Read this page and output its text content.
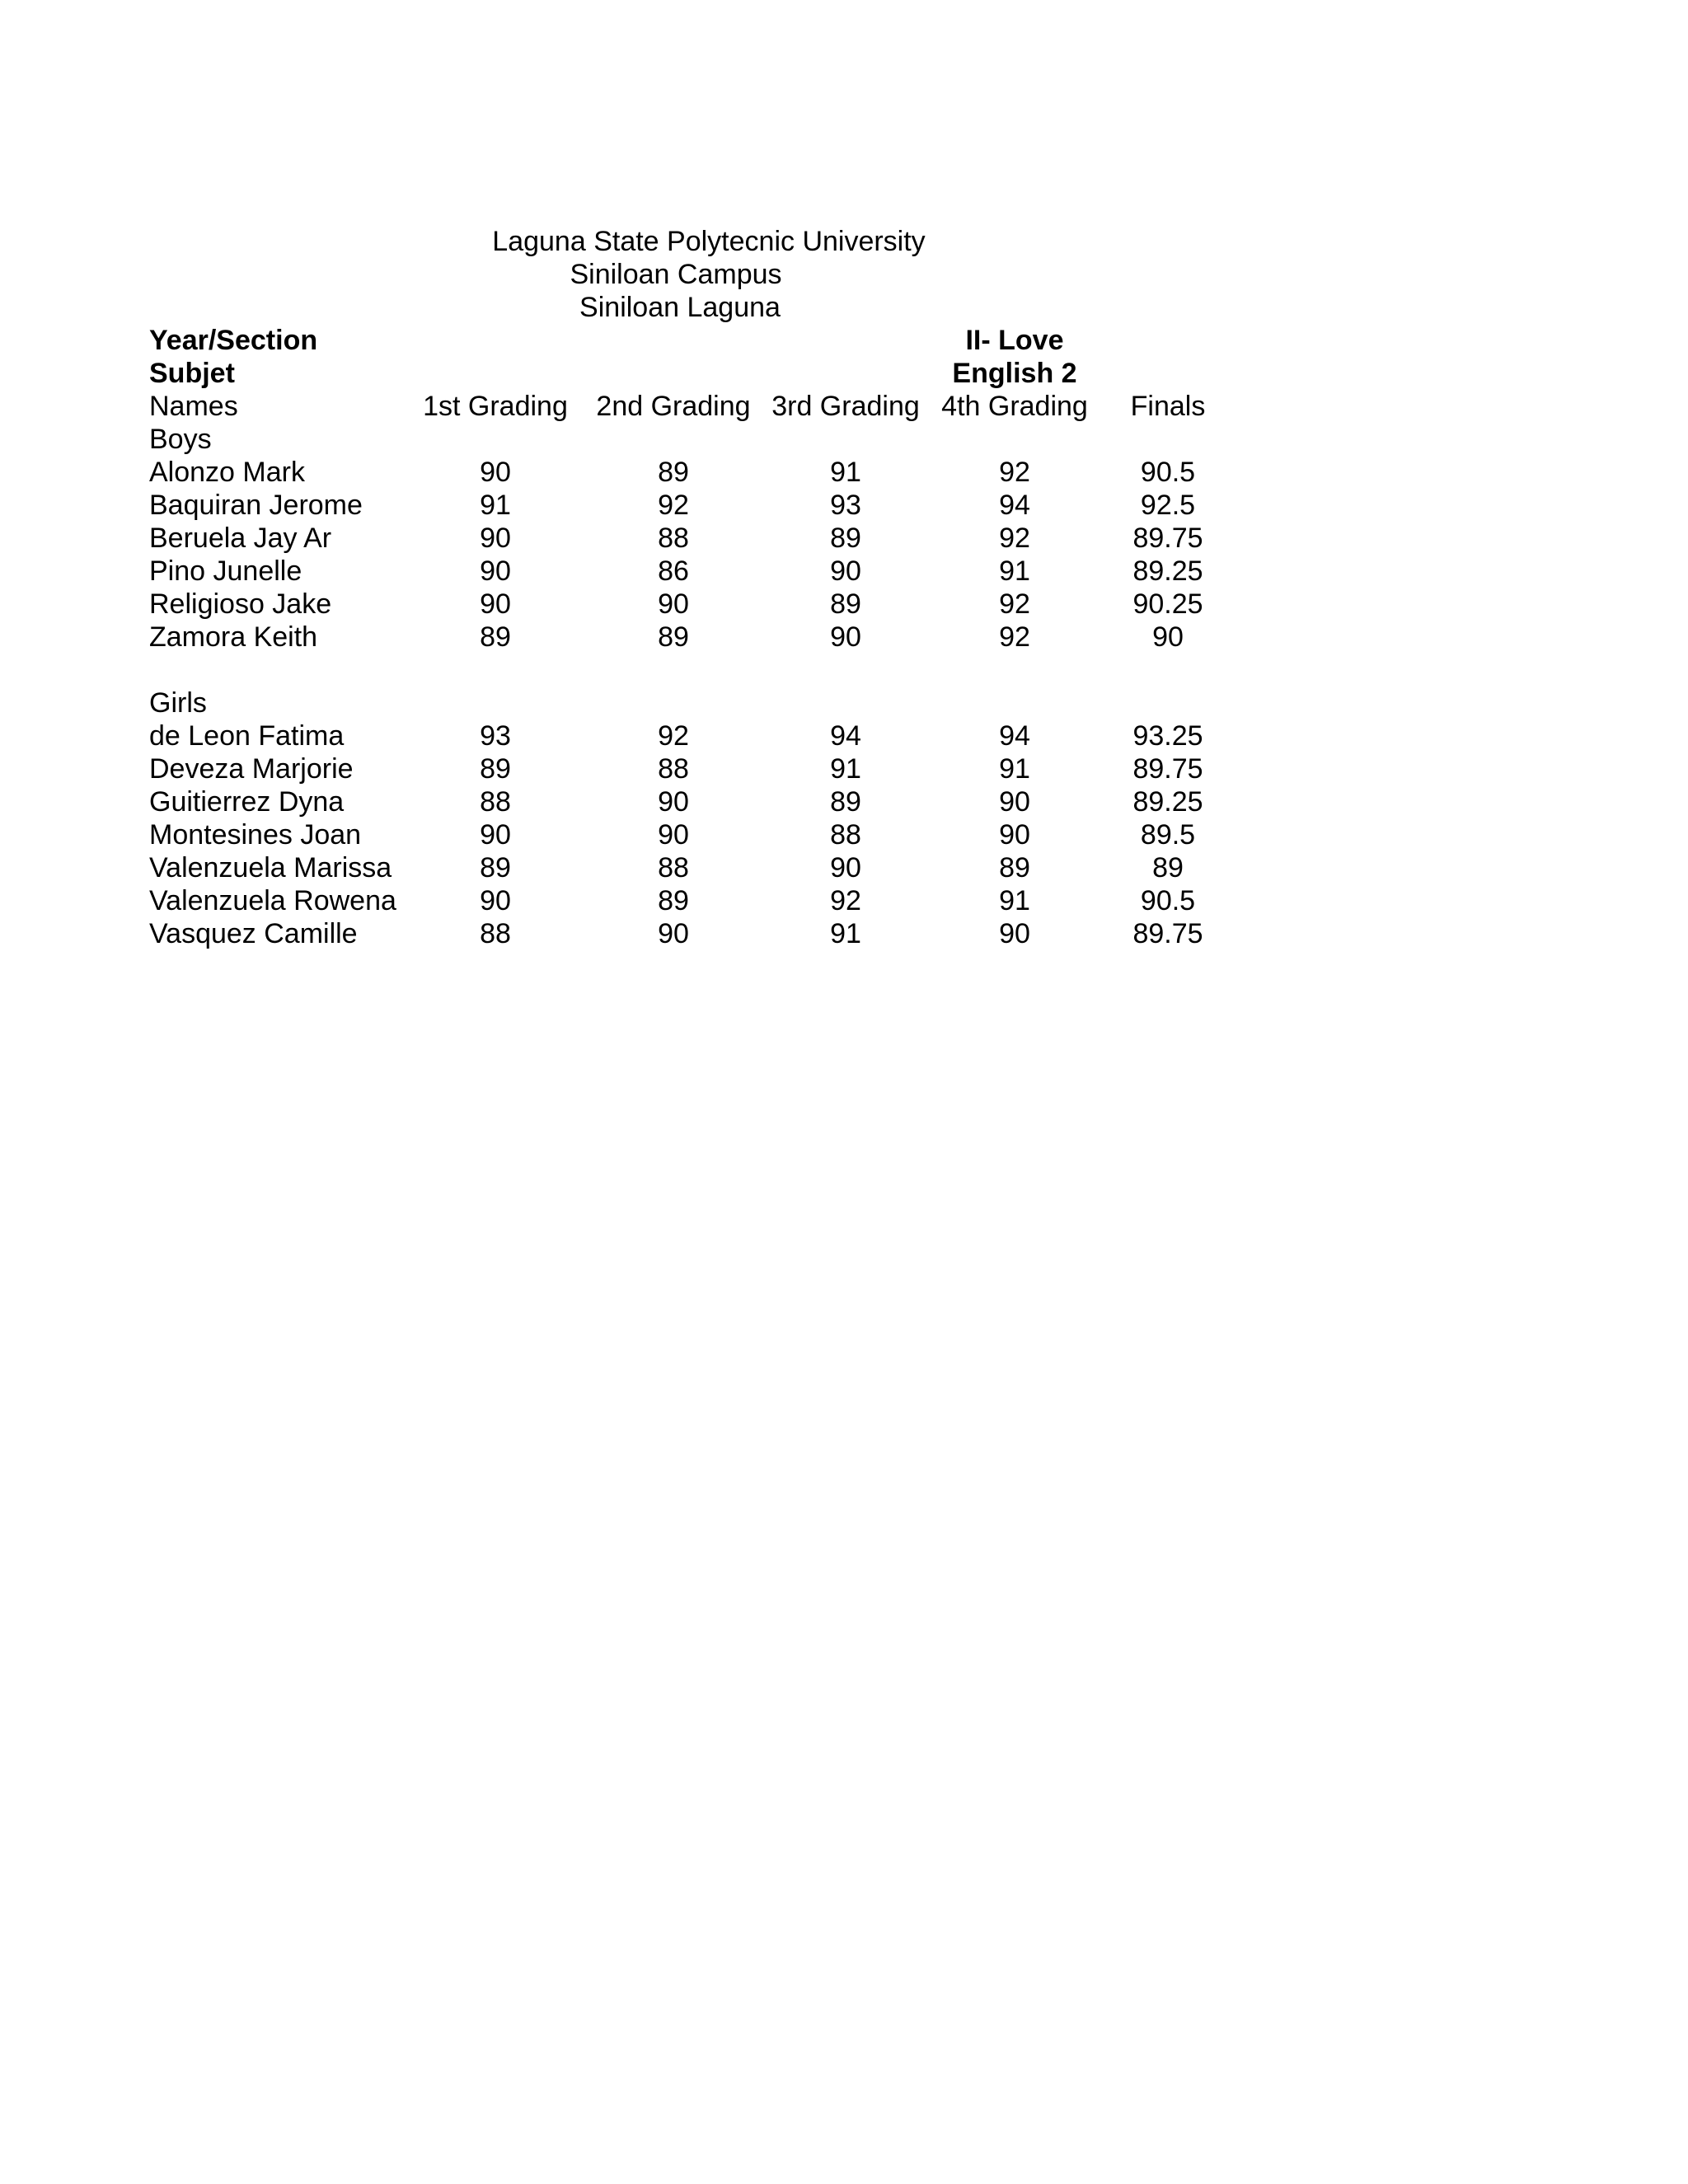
Laguna State Polytecnic University
Siniloan Campus
Siniloan Laguna
Year/Section	II- Love
Subjet	English 2
Names	1st Grading	2nd Grading 3rd Grading 4th Grading	Finals
Boys
Alonzo Mark	90	89	91	92	90.5
Baquiran Jerome	91	92	93	94	92.5
Beruela Jay Ar	90	88	89	92	89.75
Pino Junelle	90	86	90	91	89.25
Religioso Jake	90	90	89	92	90.25
Zamora Keith	89	89	90	92	90
Girls
de Leon Fatima	93	92	94	94	93.25
Deveza Marjorie	89	88	91	91	89.75
Guitierrez Dyna	88	90	89	90	89.25
Montesines Joan	90	90	88	90	89.5
Valenzuela Marissa	89	88	90	89	89
Valenzuela Rowena	90	89	92	91	90.5
Vasquez Camille	88	90	91	90	89.75
